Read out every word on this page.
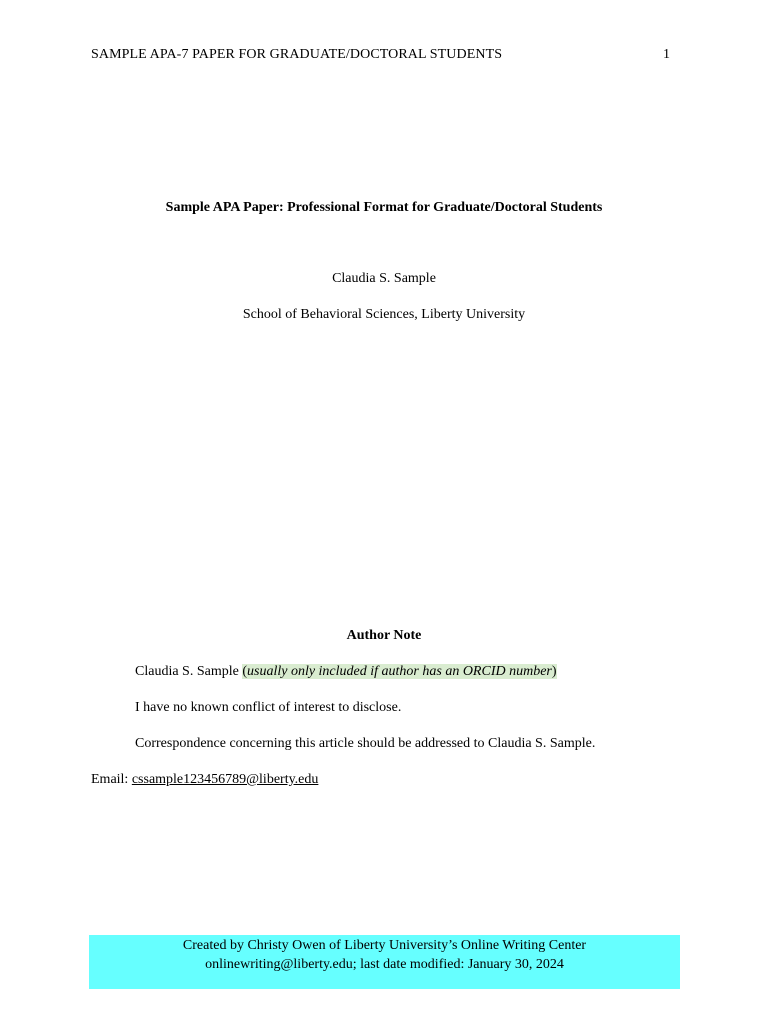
SAMPLE APA-7 PAPER FOR GRADUATE/DOCTORAL STUDENTS	1
Sample APA Paper: Professional Format for Graduate/Doctoral Students
Claudia S. Sample
School of Behavioral Sciences, Liberty University
Author Note
Claudia S. Sample (usually only included if author has an ORCID number)
I have no known conflict of interest to disclose.
Correspondence concerning this article should be addressed to Claudia S. Sample.
Email: cssample123456789@liberty.edu
Created by Christy Owen of Liberty University’s Online Writing Center
onlinewriting@liberty.edu; last date modified: January 30, 2024
